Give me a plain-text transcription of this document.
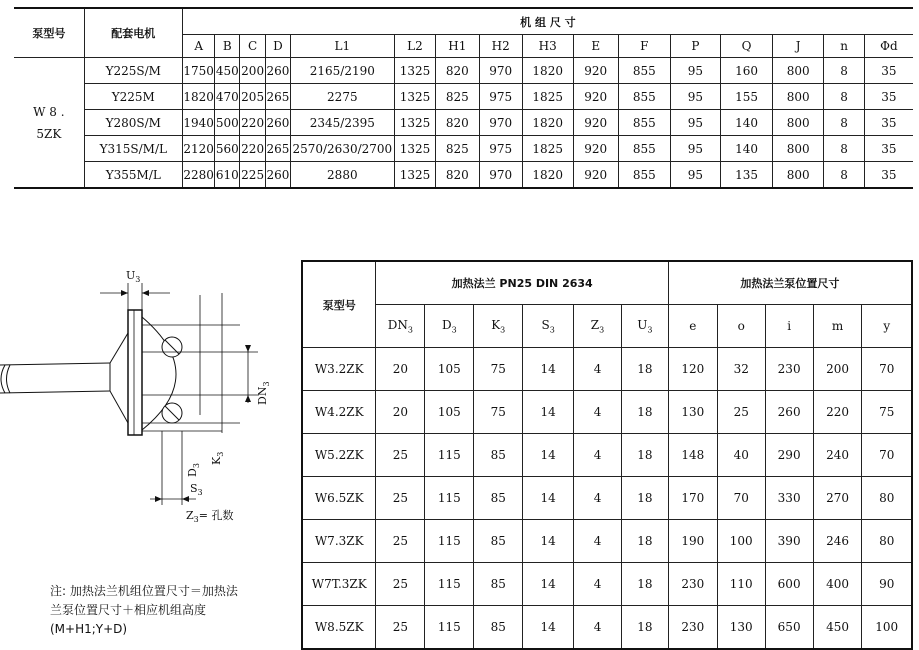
泵型号	配套电机	机 组 尺 寸															
		A	B	C	D	L1	L2	H1	H2	H3	E	F	P	Q	J	n	Φd

W 8 .
5ZK	Y225S/M	1750	450	200	260	2165/2190	1325	820	970	1820	920	855	95	160	800	8	35
	Y225M	1820	470	205	265	2275	1325	825	975	1825	920	855	95	155	800	8	35
	Y280S/M	1940	500	220	260	2345/2395	1325	820	970	1820	920	855	95	140	800	8	35
	Y315S/M/L	2120	560	220	265	2570/2630/2700	1325	825	975	1825	920	855	95	140	800	8	35
	Y355M/L	2280	610	225	260	2880	1325	820	970	1820	920	855	95	135	800	8	35
$U_3$
$DN_3$
$D_3$
$K_3$
$S_3$
$Z_3=$ 孔数
注: 加热法兰机组位置尺寸＝加热法
兰泵位置尺寸＋相应机组高度
(M+H1;Y+D)
泵型号	加热法兰 PN25 DIN 2634						加热法兰泵位置尺寸				
	$DN_3$	$D_3$	$K_3$	$S_3$	$Z_3$	$U_3$	e	o	i	m	y
W3.2ZK	20	105	75	14	4	18	120	32	230	200	70
W4.2ZK	20	105	75	14	4	18	130	25	260	220	75
W5.2ZK	25	115	85	14	4	18	148	40	290	240	70
W6.5ZK	25	115	85	14	4	18	170	70	330	270	80
W7.3ZK	25	115	85	14	4	18	190	100	390	246	80
W7T.3ZK	25	115	85	14	4	18	230	110	600	400	90
W8.5ZK	25	115	85	14	4	18	230	130	650	450	100
